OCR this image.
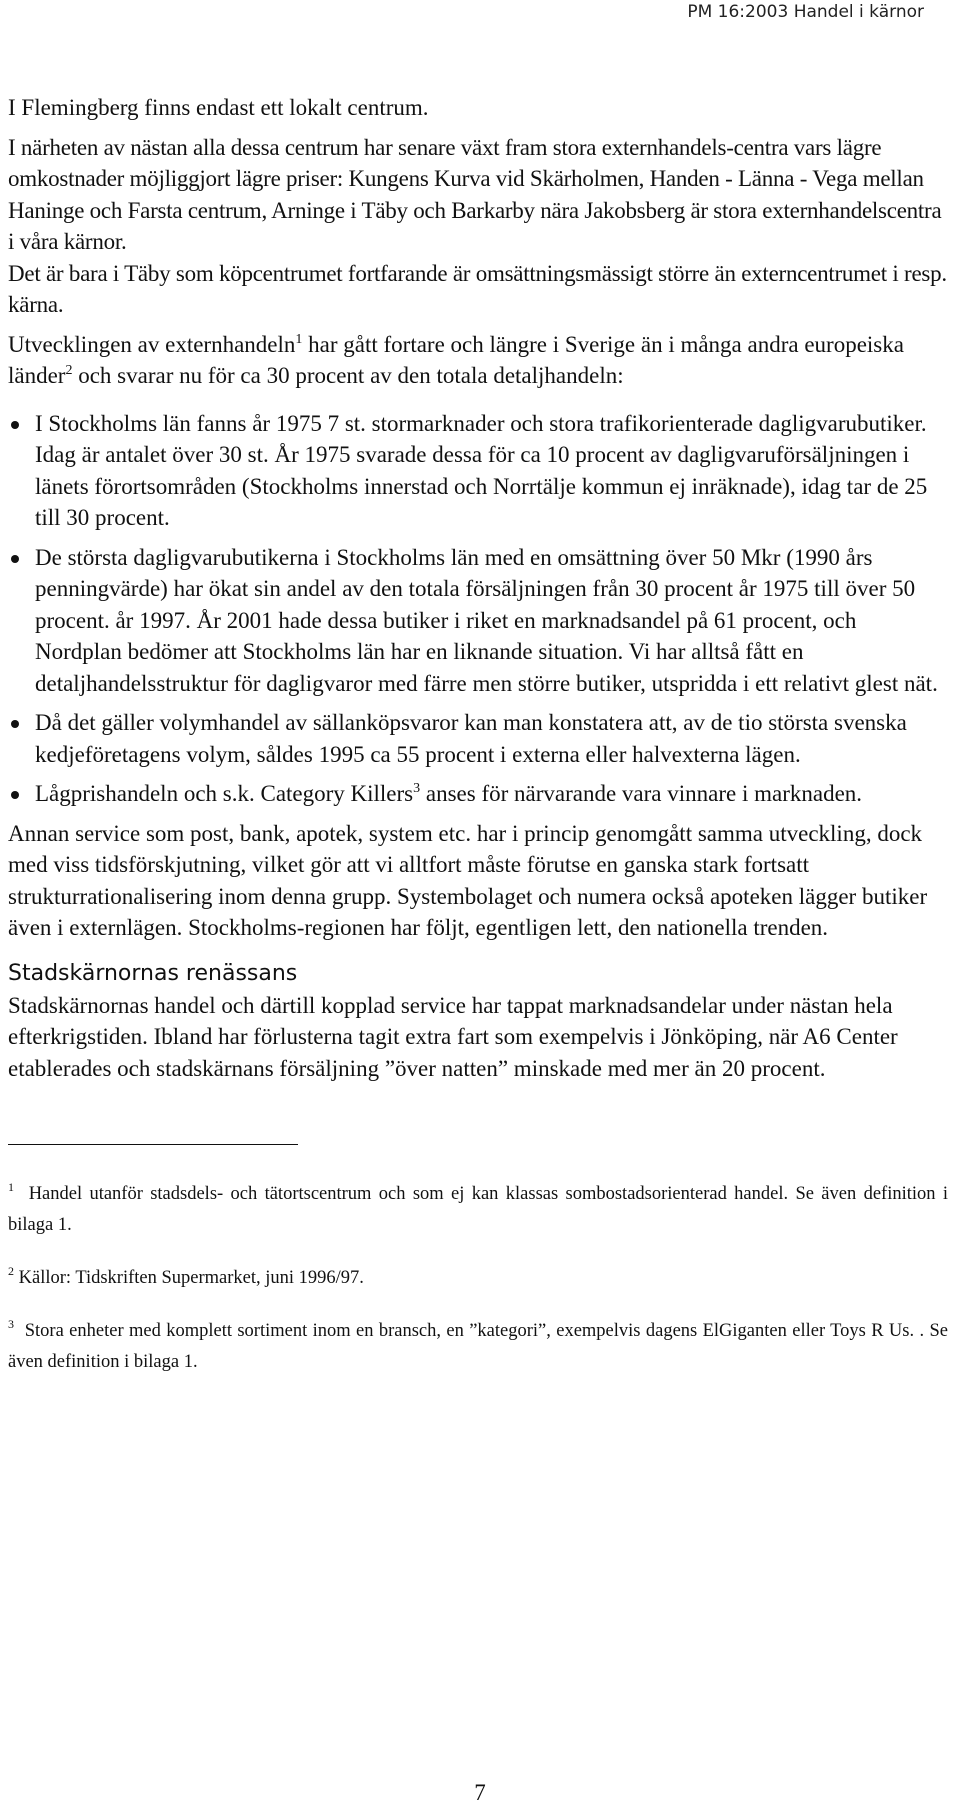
PM 16:2003 Handel i kärnor

I Flemingberg finns endast ett lokalt centrum.

I närheten av nästan alla dessa centrum har senare växt fram stora externhandels-centra vars lägre omkostnader möjliggjort lägre priser: Kungens Kurva vid Skärholmen, Handen - Länna - Vega mellan Haninge och Farsta centrum, Arninge i Täby och Barkarby nära Jakobsberg är stora externhandelscentra i våra kärnor.

Det är bara i Täby som köpcentrumet fortfarande är omsättningsmässigt större än externcentrumet i resp. kärna.

Utvecklingen av externhandeln$^1$ har gått fortare och längre i Sverige än i många andra europeiska länder$^2$ och svarar nu för ca 30 procent av den totala detaljhandeln:

I Stockholms län fanns år 1975 7 st. stormarknader och stora trafikorienterade dagligvarubutiker. Idag är antalet över 30 st. År 1975 svarade dessa för ca 10 procent av dagligvaruförsäljningen i länets förortsområden (Stockholms innerstad och Norrtälje kommun ej inräknade), idag tar de 25 till 30 procent.
De största dagligvarubutikerna i Stockholms län med en omsättning över 50 Mkr (1990 års penningvärde) har ökat sin andel av den totala försäljningen från 30 procent år 1975 till över 50 procent. år 1997. År 2001 hade dessa butiker i riket en marknadsandel på 61 procent, och Nordplan bedömer att Stockholms län har en liknande situation. Vi har alltså fått en detaljhandelsstruktur för dagligvaror med färre men större butiker, utspridda i ett relativt glest nät.
Då det gäller volymhandel av sällanköpsvaror kan man konstatera att, av de tio största svenska kedjeföretagens volym, såldes 1995 ca 55 procent i externa eller halvexterna lägen.
Lågprishandeln och s.k. Category Killers$^3$ anses för närvarande vara vinnare i marknaden.

Annan service som post, bank, apotek, system etc. har i princip genomgått samma utveckling, dock med viss tidsförskjutning, vilket gör att vi alltfort måste förutse en ganska stark fortsatt strukturrationalisering inom denna grupp. Systembolaget och numera också apoteken lägger butiker även i externlägen. Stockholms-regionen har följt, egentligen lett, den nationella trenden.

Stadskärnornas renässans

Stadskärnornas handel och därtill kopplad service har tappat marknadsandelar under nästan hela efterkrigstiden. Ibland har förlusterna tagit extra fart som exempelvis i Jönköping, när A6 Center etablerades och stadskärnans försäljning ”över natten” minskade med mer än 20 procent.

$^1$ Handel utanför stadsdels- och tätortscentrum och som ej kan klassas sombostadsorienterad handel. Se även definition i bilaga 1.

$^2$ Källor: Tidskriften Supermarket, juni 1996/97.

$^3$ Stora enheter med komplett sortiment inom en bransch, en ”kategori”, exempelvis dagens ElGiganten eller Toys R Us. . Se även definition i bilaga 1.

7
